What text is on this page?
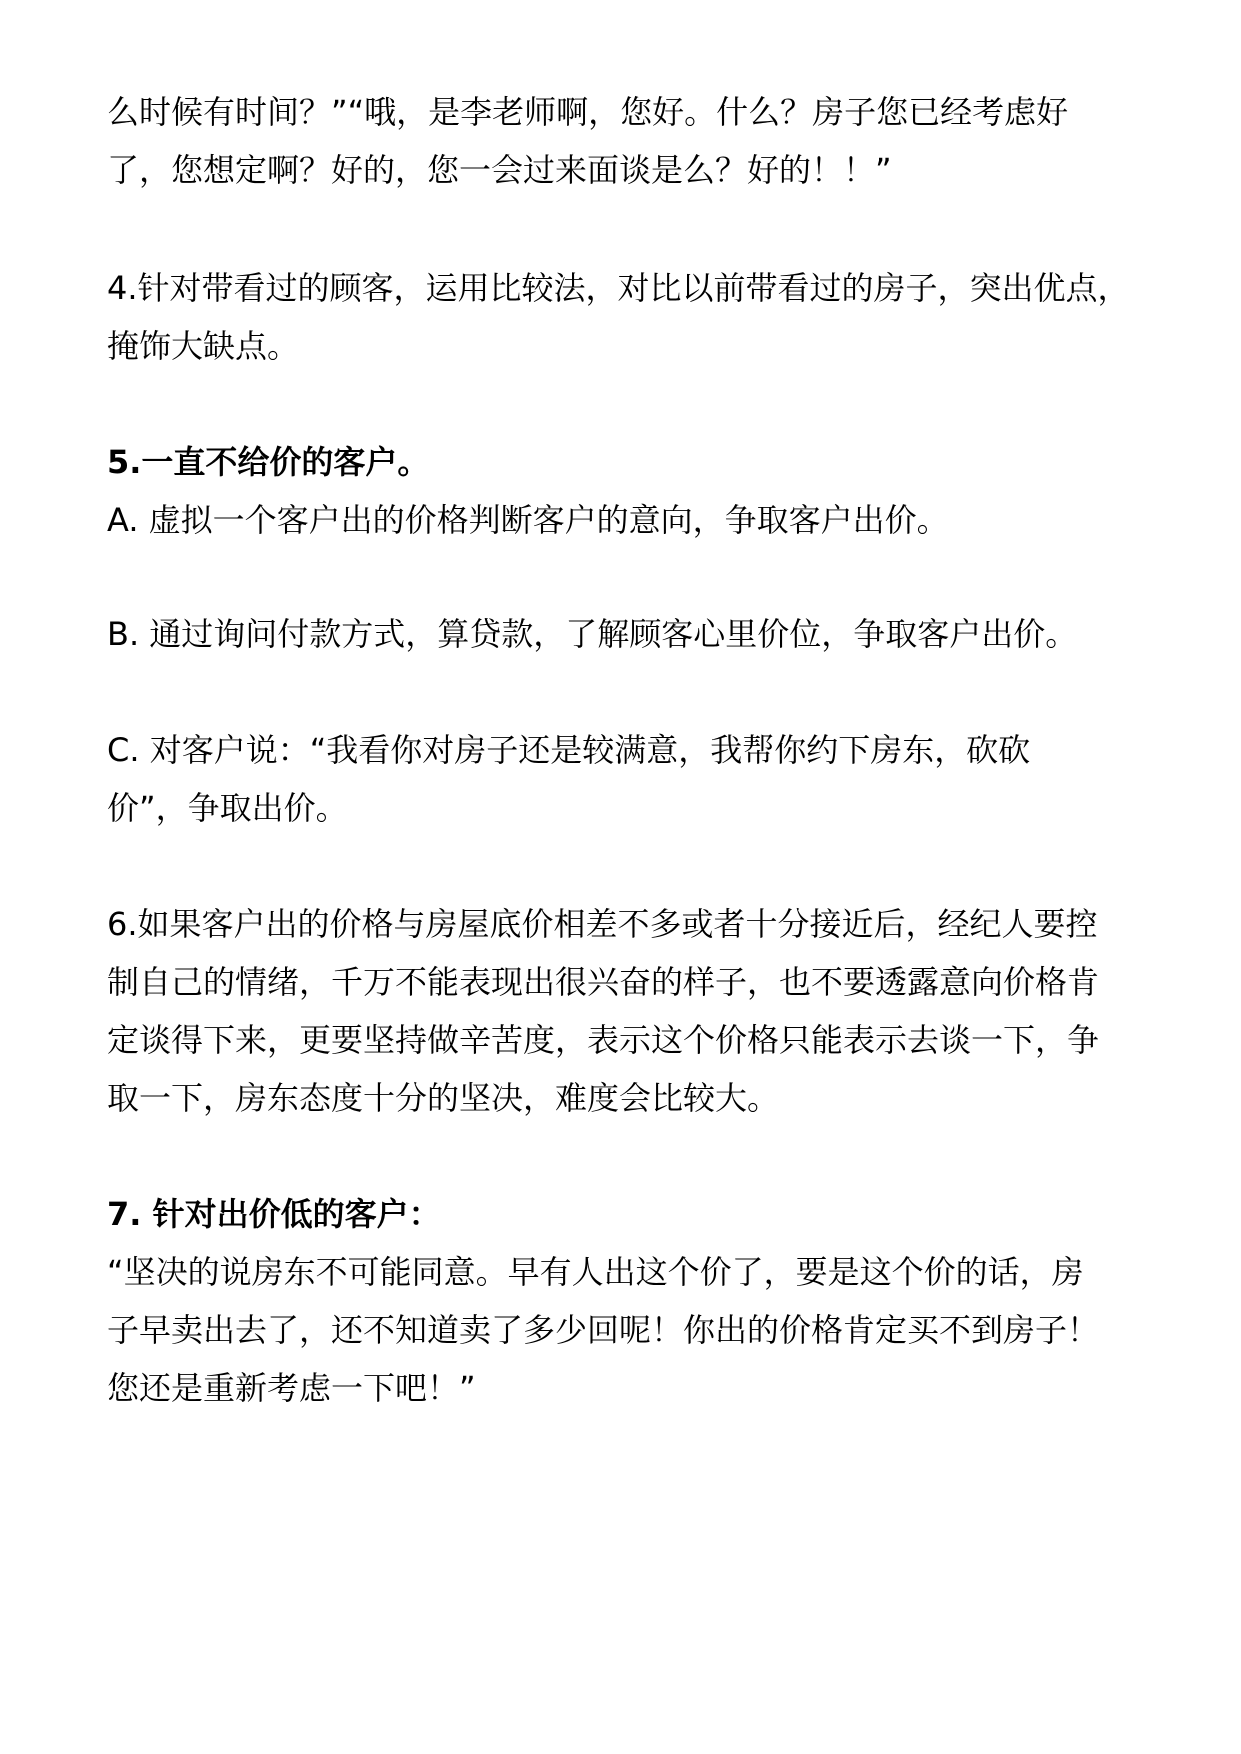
么时候有时间？”“哦，是李老师啊，您好。什么？房子您已经考虑好
了，您想定啊？好的，您一会过来面谈是么？好的！！”
4.针对带看过的顾客，运用比较法，对比以前带看过的房子，突出优点，
掩饰大缺点。
5.一直不给价的客户。
A. 虚拟一个客户出的价格判断客户的意向，争取客户出价。
B. 通过询问付款方式，算贷款，了解顾客心里价位，争取客户出价。
C. 对客户说：“我看你对房子还是较满意，我帮你约下房东，砍砍
价”，争取出价。
6.如果客户出的价格与房屋底价相差不多或者十分接近后，经纪人要控
制自己的情绪，千万不能表现出很兴奋的样子，也不要透露意向价格肯
定谈得下来，更要坚持做辛苦度，表示这个价格只能表示去谈一下，争
取一下，房东态度十分的坚决，难度会比较大。
7. 针对出价低的客户：
“坚决的说房东不可能同意。早有人出这个价了，要是这个价的话，房
子早卖出去了，还不知道卖了多少回呢！你出的价格肯定买不到房子！
您还是重新考虑一下吧！”
